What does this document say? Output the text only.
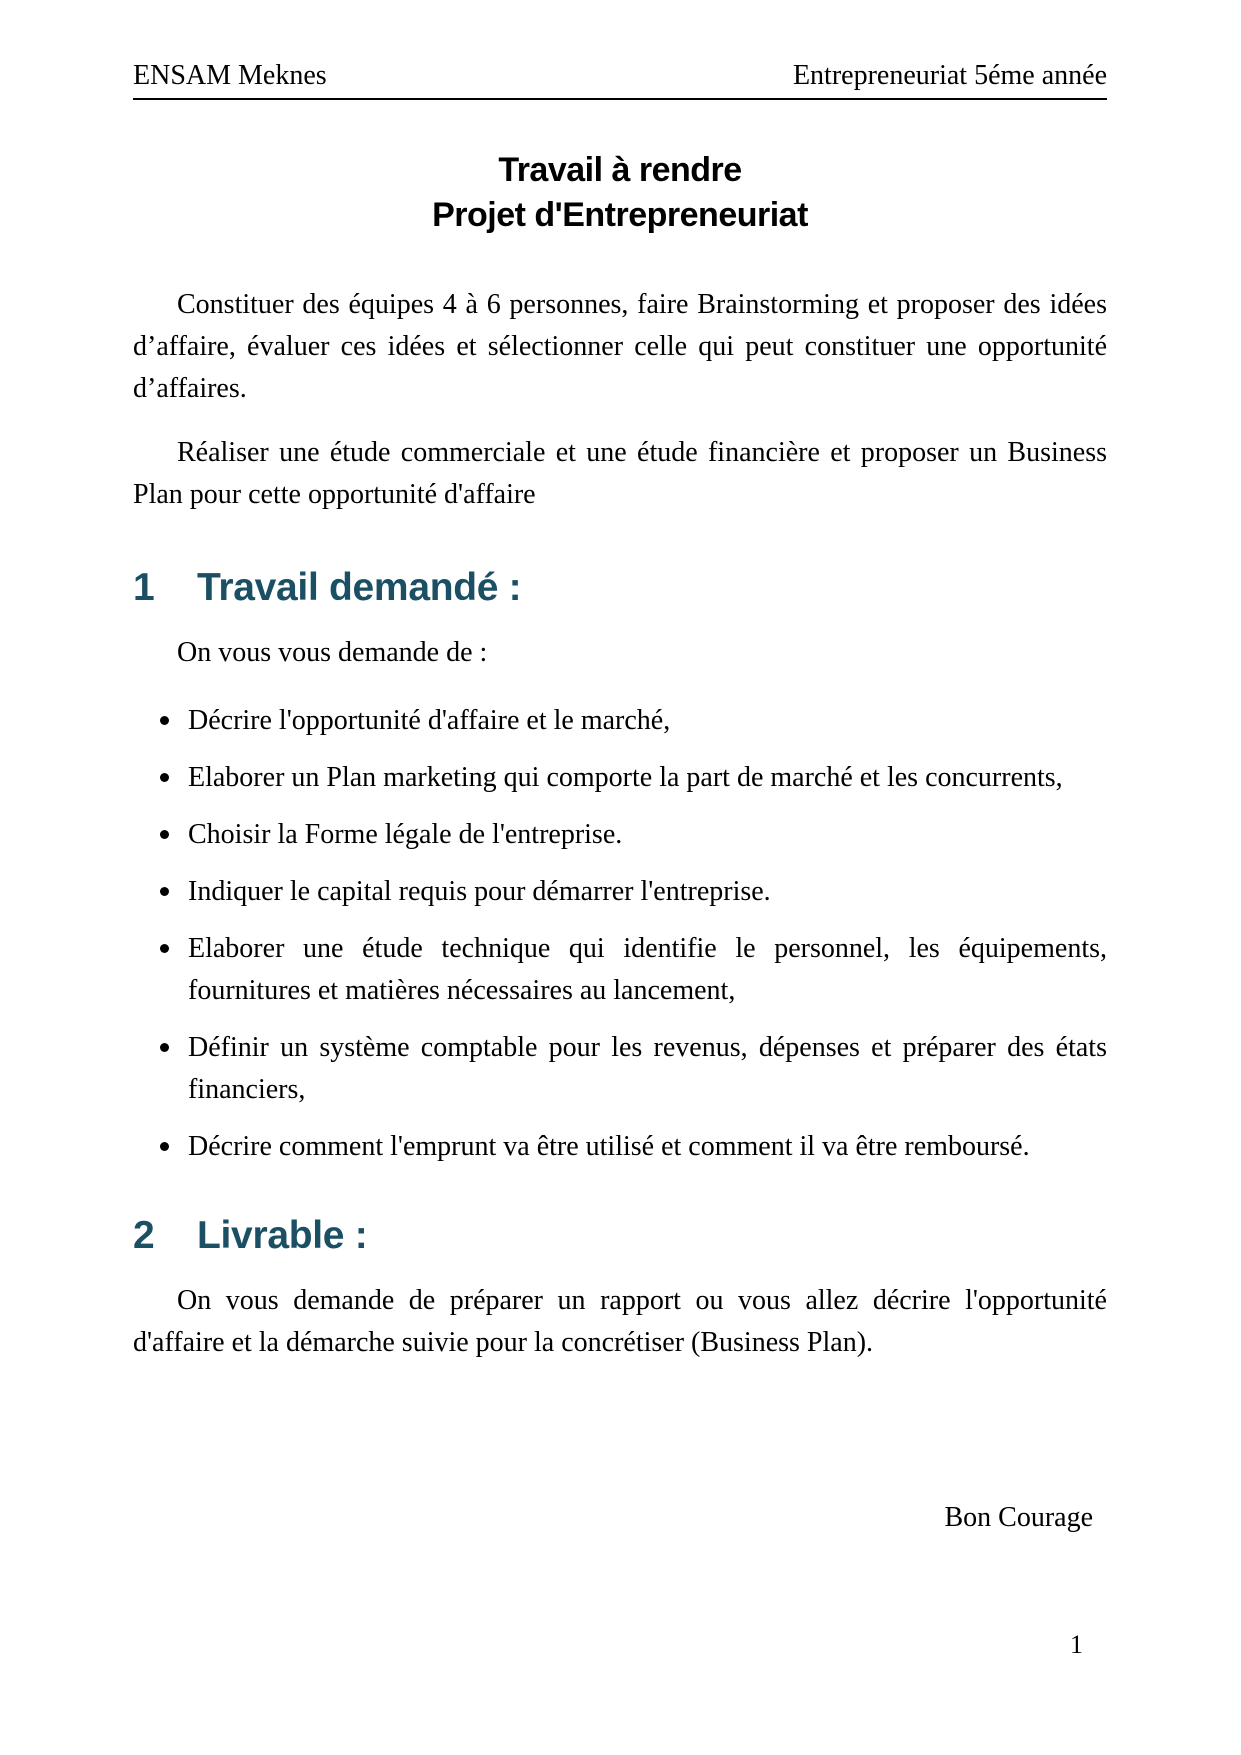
ENSAM Meknes	Entrepreneuriat 5éme année
Travail à rendre
Projet d'Entrepreneuriat

Constituer des équipes 4 à 6 personnes, faire Brainstorming et proposer des idées d’affaire, évaluer ces idées et sélectionner celle qui peut constituer une opportunité d’affaires.

Réaliser une étude commerciale et une étude financière et proposer un Business Plan pour cette opportunité d'affaire

1 Travail demandé :

On vous vous demande de :

Décrire l'opportunité d'affaire et le marché,
Elaborer un Plan marketing qui comporte la part de marché et les concurrents,
Choisir la Forme légale de l'entreprise.
Indiquer le capital requis pour démarrer l'entreprise.
Elaborer une étude technique qui identifie le personnel, les équipements, fournitures et matières nécessaires au lancement,
Définir un système comptable pour les revenus, dépenses et préparer des états financiers,
Décrire comment l'emprunt va être utilisé et comment il va être remboursé.
2 Livrable :

On vous demande de préparer un rapport ou vous allez décrire l'opportunité d'affaire et la démarche suivie pour la concrétiser (Business Plan).

Bon Courage
1
